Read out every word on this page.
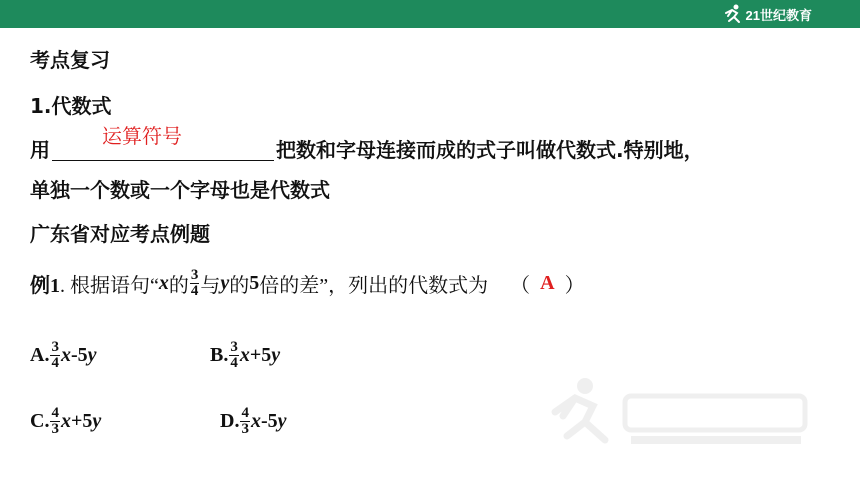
21世纪教育
考点复习
1.代数式
用
运算符号
把数和字母连接而成的式子叫做代数式.特别地，
单独一个数或一个字母也是代数式
广东省对应考点例题
例1 . 根据语句“ x 的 $\frac{3}{4}$ 与 y 的 5 倍的差”，列出的代数式为 （ A ）
A. $\frac{3}{4}$ x -5 y	B. $\frac{3}{4}$ x +5 y
C. $\frac{4}{3}$ x +5 y	D. $\frac{4}{3}$ x -5 y
